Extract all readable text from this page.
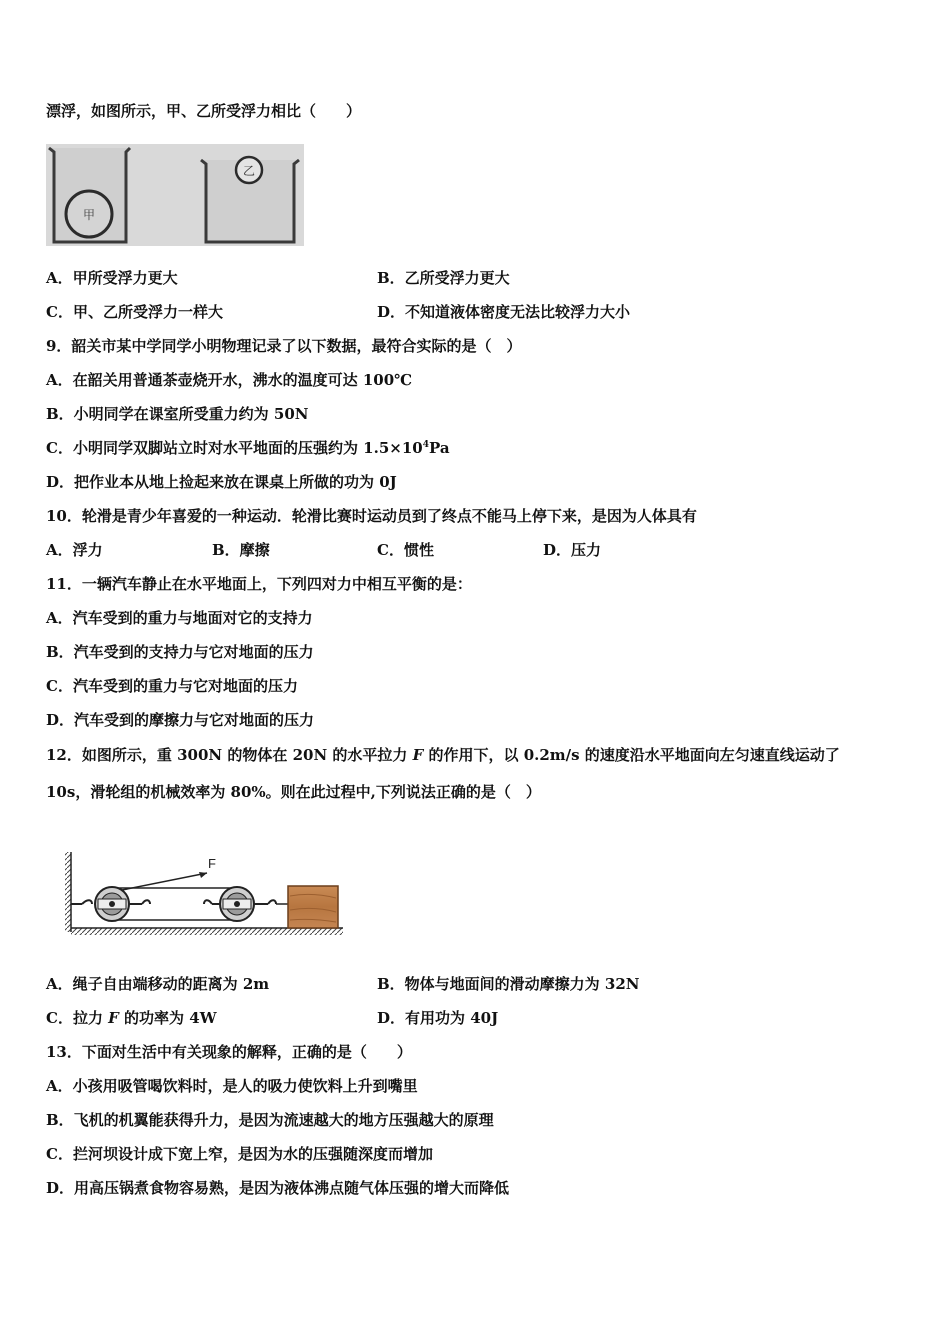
漂浮，如图所示，甲、乙所受浮力相比（　　）
甲
乙
A．甲所受浮力更大	B．乙所受浮力更大
C．甲、乙所受浮力一样大	D．不知道液体密度无法比较浮力大小
9．韶关市某中学同学小明物理记录了以下数据，最符合实际的是（　）
A．在韶关用普通茶壶烧开水，沸水的温度可达 100℃
B．小明同学在课室所受重力约为 50N
C．小明同学双脚站立时对水平地面的压强约为 $1.5\times 10^4Pa$
D．把作业本从地上捡起来放在课桌上所做的功为 0J
10．轮滑是青少年喜爱的一种运动．轮滑比赛时运动员到了终点不能马上停下来，是因为人体具有
A．浮力	B．摩擦	C．惯性	D．压力
11．一辆汽车静止在水平地面上，下列四对力中相互平衡的是：
A．汽车受到的重力与地面对它的支持力
B．汽车受到的支持力与它对地面的压力
C．汽车受到的重力与它对地面的压力
D．汽车受到的摩擦力与它对地面的压力
12．如图所示，重 300N 的物体在 20N 的水平拉力 F 的作用下，以 0.2m/s 的速度沿水平地面向左匀速直线运动了
10s，滑轮组的机械效率为 80%。则在此过程中,下列说法正确的是（　）
F
A．绳子自由端移动的距离为 2m	B．物体与地面间的滑动摩擦力为 32N
C．拉力 F 的功率为 4W	D．有用功为 40J
13．下面对生活中有关现象的解释，正确的是（　　）
A．小孩用吸管喝饮料时，是人的吸力使饮料上升到嘴里
B．飞机的机翼能获得升力，是因为流速越大的地方压强越大的原理
C．拦河坝设计成下宽上窄，是因为水的压强随深度而增加
D．用高压锅煮食物容易熟，是因为液体沸点随气体压强的增大而降低
